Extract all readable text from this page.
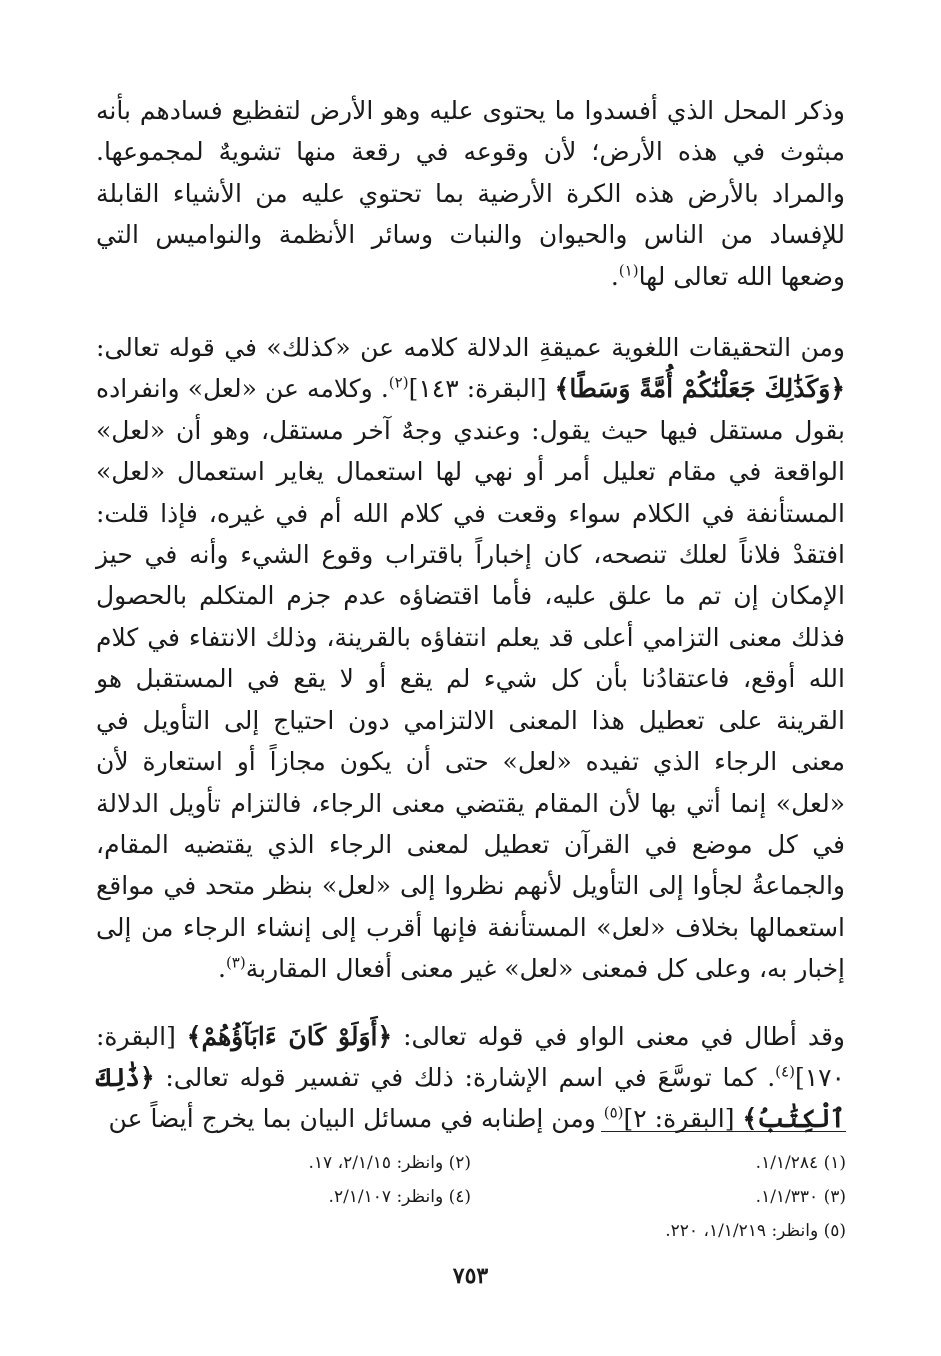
وذكر المحل الذي أفسدوا ما يحتوى عليه وهو الأرض لتفظيع فسادهم بأنه مبثوث في هذه الأرض؛ لأن وقوعه في رقعة منها تشويهٌ لمجموعها. والمراد بالأرض هذه الكرة الأرضية بما تحتوي عليه من الأشياء القابلة للإفساد من الناس والحيوان والنبات وسائر الأنظمة والنواميس التي وضعها الله تعالى لها$^{(١)}$.

ومن التحقيقات اللغوية عميقةِ الدلالة كلامه عن «كذلك» في قوله تعالى: ﴿وَكَذَٰلِكَ جَعَلْنَٰكُمْ أُمَّةً وَسَطًا﴾ [البقرة: ١٤٣]$^{(٢)}$. وكلامه عن «لعل» وانفراده بقول مستقل فيها حيث يقول: وعندي وجهٌ آخر مستقل، وهو أن «لعل» الواقعة في مقام تعليل أمر أو نهي لها استعمال يغاير استعمال «لعل» المستأنفة في الكلام سواء وقعت في كلام الله أم في غيره، فإذا قلت: افتقدْ فلاناً لعلك تنصحه، كان إخباراً باقتراب وقوع الشيء وأنه في حيز الإمكان إن تم ما علق عليه، فأما اقتضاؤه عدم جزم المتكلم بالحصول فذلك معنى التزامي أعلى قد يعلم انتفاؤه بالقرينة، وذلك الانتفاء في كلام الله أوقع، فاعتقادُنا بأن كل شيء لم يقع أو لا يقع في المستقبل هو القرينة على تعطيل هذا المعنى الالتزامي دون احتياج إلى التأويل في معنى الرجاء الذي تفيده «لعل» حتى أن يكون مجازاً أو استعارة لأن «لعل» إنما أتي بها لأن المقام يقتضي معنى الرجاء، فالتزام تأويل الدلالة في كل موضع في القرآن تعطيل لمعنى الرجاء الذي يقتضيه المقام، والجماعةُ لجأوا إلى التأويل لأنهم نظروا إلى «لعل» بنظر متحد في مواقع استعمالها بخلاف «لعل» المستأنفة فإنها أقرب إلى إنشاء الرجاء من إلى إخبار به، وعلى كل فمعنى «لعل» غير معنى أفعال المقاربة$^{(٣)}$.

وقد أطال في معنى الواو في قوله تعالى: ﴿أَوَلَوْ كَانَ ءَابَآؤُهُمْ﴾ [البقرة: ١٧٠]$^{(٤)}$. كما توسَّعَ في اسم الإشارة: ذلك في تفسير قوله تعالى: ﴿ذَٰلِكَ ٱلْكِتَٰبُ﴾ [البقرة: ٢]$^{(٥)}$ ومن إطنابه في مسائل البيان بما يخرج أيضاً عن

(١) ١/١/٢٨٤.
(٢) وانظر: ٢/١/١٥، ١٧.
(٣) ١/١/٣٣٠.
(٤) وانظر: ٢/١/١٠٧.
(٥) وانظر: ١/١/٢١٩، ٢٢٠.
٧٥٣
